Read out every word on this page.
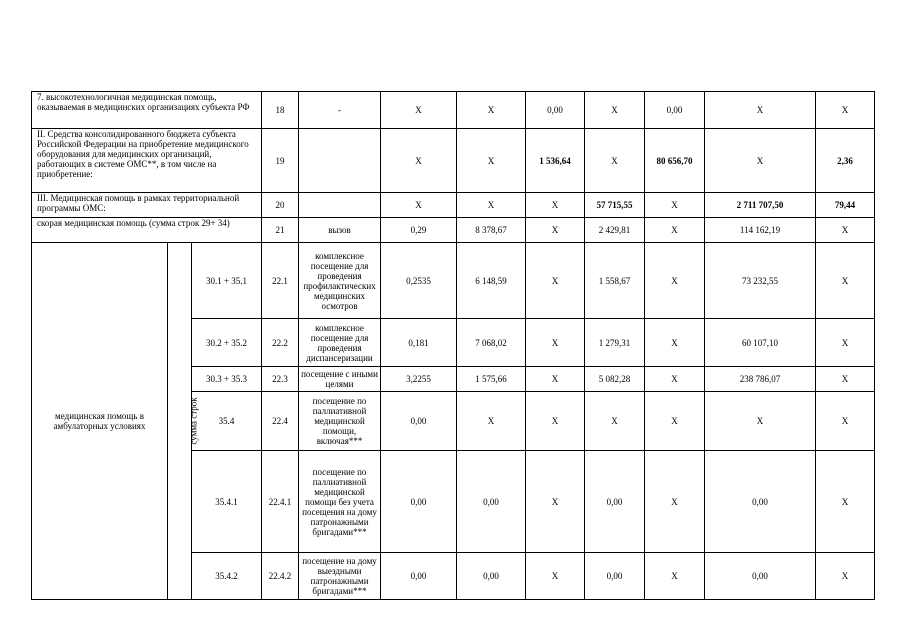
7. высокотехнологичная медицинская помощь, оказываемая в медицинских организациях субъекта РФ			18	-	X	X	0,00	X	0,00	X	X
II. Средства консолидированного бюджета субъекта Российской Федерации на приобретение медицинского оборудования для медицинских организаций, работающих в системе ОМС**, в том числе на приобретение:			19		X	X	1 536,64	X	80 656,70	X	2,36
III. Медицинская помощь в рамках территориальной программы ОМС:			20		X	X	X	57 715,55	X	2 711 707,50	79,44
скорая медицинская помощь (сумма строк 29+ 34)			21	вызов	0,29	8 378,67	X	2 429,81	X	114 162,19	X
медицинская помощь в амбулаторных условиях	сумма строк	30.1 + 35.1	22.1	комплексное посещение для проведения профилактических медицинских осмотров	0,2535	6 148,59	X	1 558,67	X	73 232,55	X
		30.2 + 35.2	22.2	комплексное посещение для проведения диспансеризации	0,181	7 068,02	X	1 279,31	X	60 107,10	X
		30.3 + 35.3	22.3	посещение с иными целями	3,2255	1 575,66	X	5 082,28	X	238 786,07	X
		35.4	22.4	посещение по паллиативной медицинской помощи, включая***	0,00	X	X	X	X	X	X
		35.4.1	22.4.1	посещение по паллиативной медицинской помощи без учета посещения на дому патронажными бригадами***	0,00	0,00	X	0,00	X	0,00	X
		35.4.2	22.4.2	посещение на дому выездными патронажными бригадами***	0,00	0,00	X	0,00	X	0,00	X
